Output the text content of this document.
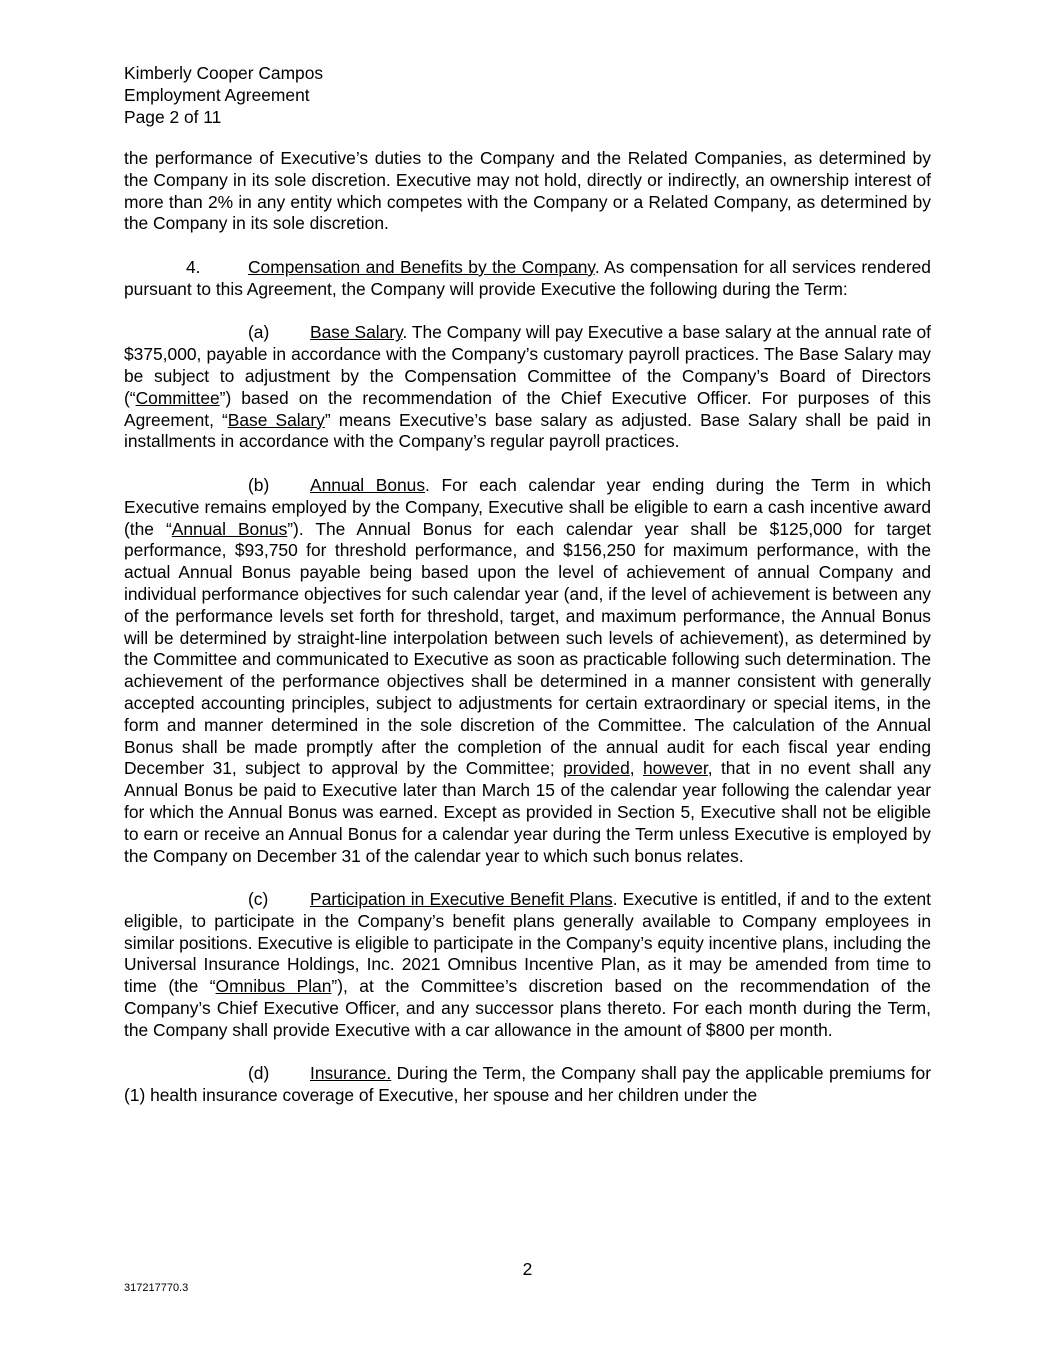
Kimberly Cooper Campos
Employment Agreement
Page 2 of 11

the performance of Executive’s duties to the Company and the Related Companies, as determined by the Company in its sole discretion. Executive may not hold, directly or indirectly, an ownership interest of more than 2% in any entity which competes with the Company or a Related Company, as determined by the Company in its sole discretion.

4.	Compensation and Benefits by the Company. As compensation for all services rendered pursuant to this Agreement, the Company will provide Executive the following during the Term:

(a) Base Salary. The Company will pay Executive a base salary at the annual rate of $375,000, payable in accordance with the Company’s customary payroll practices. The Base Salary may be subject to adjustment by the Compensation Committee of the Company’s Board of Directors (“Committee”) based on the recommendation of the Chief Executive Officer. For purposes of this Agreement, “Base Salary” means Executive’s base salary as adjusted. Base Salary shall be paid in installments in accordance with the Company’s regular payroll practices.

(b) Annual Bonus. For each calendar year ending during the Term in which Executive remains employed by the Company, Executive shall be eligible to earn a cash incentive award (the “Annual Bonus”). The Annual Bonus for each calendar year shall be $125,000 for target performance, $93,750 for threshold performance, and $156,250 for maximum performance, with the actual Annual Bonus payable being based upon the level of achievement of annual Company and individual performance objectives for such calendar year (and, if the level of achievement is between any of the performance levels set forth for threshold, target, and maximum performance, the Annual Bonus will be determined by straight-line interpolation between such levels of achievement), as determined by the Committee and communicated to Executive as soon as practicable following such determination. The achievement of the performance objectives shall be determined in a manner consistent with generally accepted accounting principles, subject to adjustments for certain extraordinary or special items, in the form and manner determined in the sole discretion of the Committee. The calculation of the Annual Bonus shall be made promptly after the completion of the annual audit for each fiscal year ending December 31, subject to approval by the Committee; provided, however, that in no event shall any Annual Bonus be paid to Executive later than March 15 of the calendar year following the calendar year for which the Annual Bonus was earned. Except as provided in Section 5, Executive shall not be eligible to earn or receive an Annual Bonus for a calendar year during the Term unless Executive is employed by the Company on December 31 of the calendar year to which such bonus relates.

(c) Participation in Executive Benefit Plans. Executive is entitled, if and to the extent eligible, to participate in the Company’s benefit plans generally available to Company employees in similar positions. Executive is eligible to participate in the Company’s equity incentive plans, including the Universal Insurance Holdings, Inc. 2021 Omnibus Incentive Plan, as it may be amended from time to time (the “Omnibus Plan”), at the Committee’s discretion based on the recommendation of the Company’s Chief Executive Officer, and any successor plans thereto. For each month during the Term, the Company shall provide Executive with a car allowance in the amount of $800 per month.

(d) Insurance. During the Term, the Company shall pay the applicable premiums for (1) health insurance coverage of Executive, her spouse and her children under the

2
317217770.3
